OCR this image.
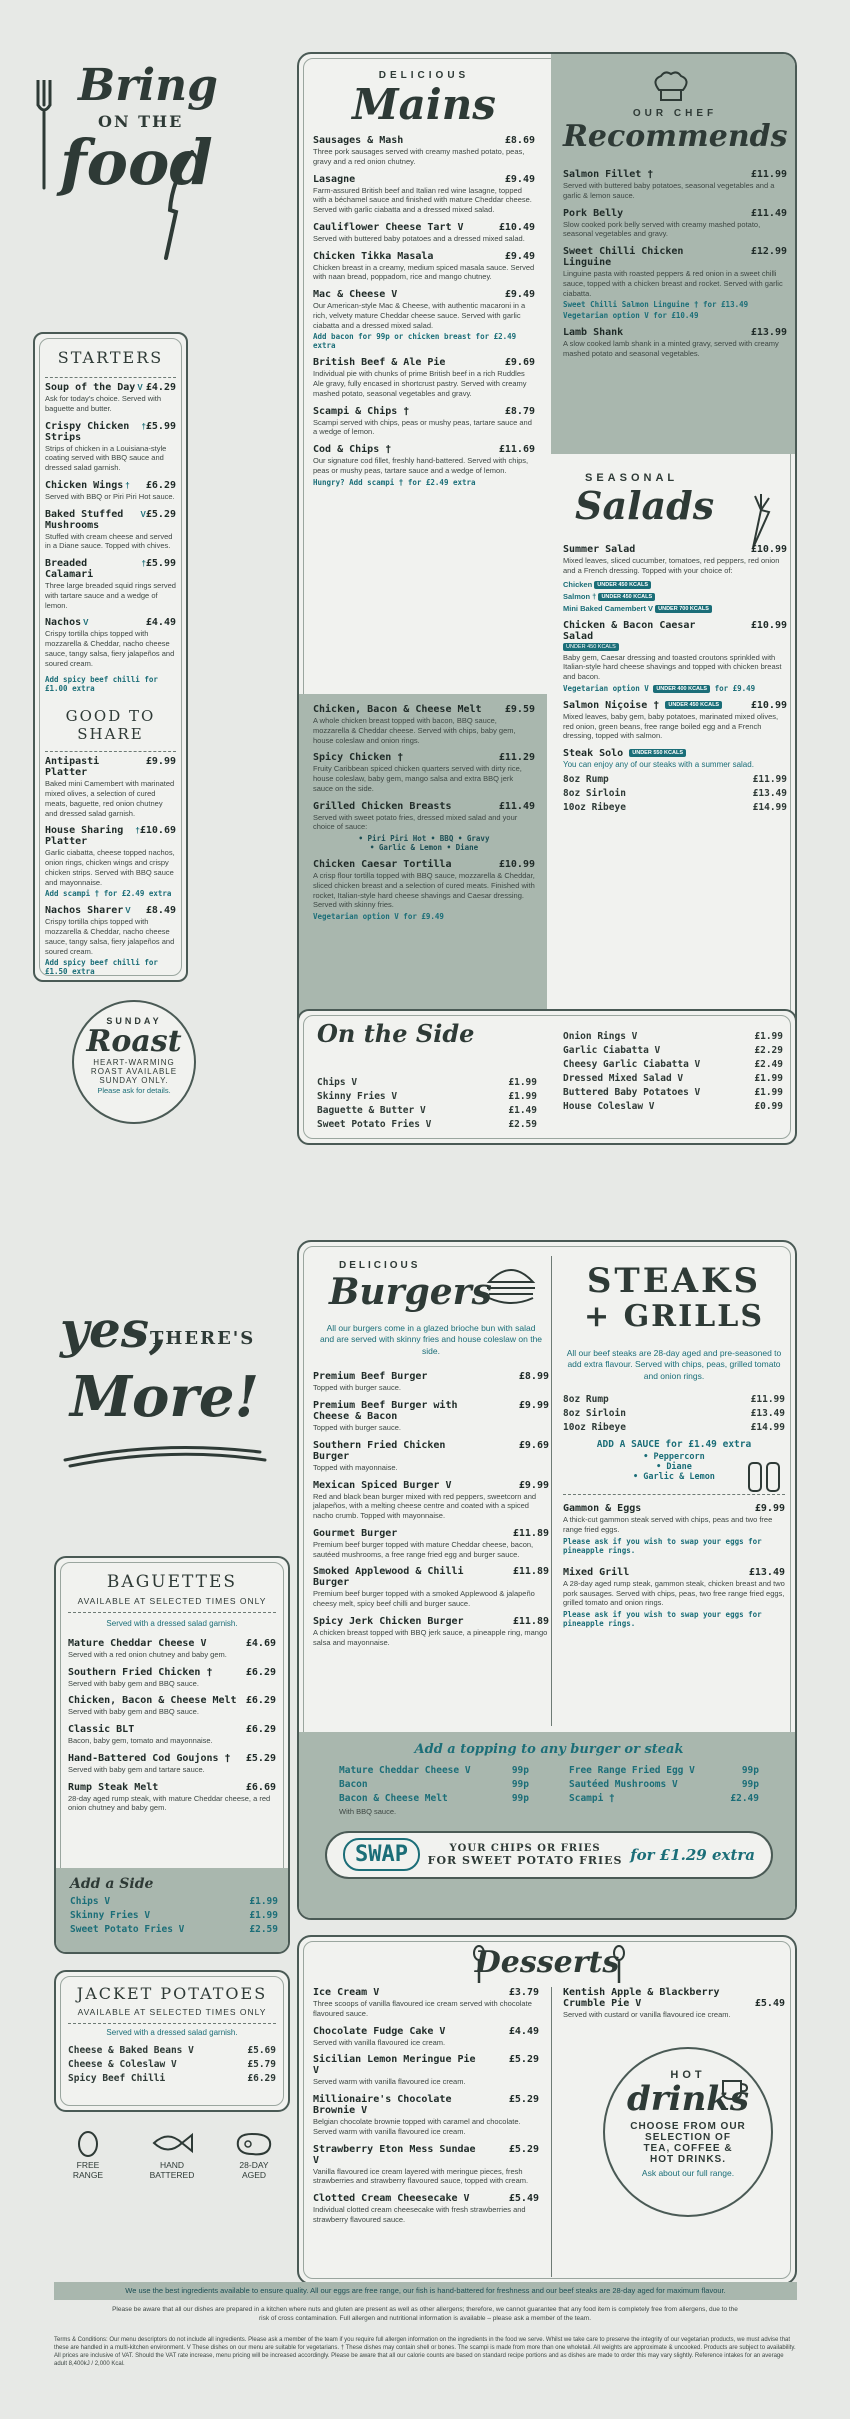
Bring
ON THE
food
STARTERS
Soup of the Day V £4.29
Ask for today's choice. Served with baguette and butter.
Crispy Chicken Strips
† £5.99
Strips of chicken in a Louisiana-style coating served with BBQ sauce and dressed salad garnish.
Chicken Wings †	£6.29
Served with BBQ or Piri Piri Hot sauce.
Baked Stuffed Mushrooms
V £5.29
Stuffed with cream cheese and served in a Diane sauce. Topped with chives.
Breaded Calamari
† £5.99
Three large breaded squid rings served with tartare sauce and a wedge of lemon.
Nachos V	£4.49
Crispy tortilla chips topped with mozzarella & Cheddar, nacho cheese sauce, tangy salsa, fiery jalapeños and soured cream.
Add spicy beef chilli for £1.00 extra
GOOD TO SHARE
Antipasti Platter
£9.99
Baked mini Camembert with marinated mixed olives, a selection of cured meats, baguette, red onion chutney and dressed salad garnish.
House Sharing Platter
† £10.69
Garlic ciabatta, cheese topped nachos, onion rings, chicken wings and crispy chicken strips. Served with BBQ sauce and mayonnaise.
Add scampi † for £2.49 extra
Nachos Sharer V	£8.49
Crispy tortilla chips topped with mozzarella & Cheddar, nacho cheese sauce, tangy salsa, fiery jalapeños and soured cream.
Add spicy beef chilli for £1.50 extra
SUNDAY
Roast
HEART-WARMING
ROAST AVAILABLE
SUNDAY ONLY.
Please ask for details.
DELICIOUS
Mains
Sausages & Mash	£8.69
Three pork sausages served with creamy mashed potato, peas, gravy and a red onion chutney.
Lasagne	£9.49
Farm-assured British beef and Italian red wine lasagne, topped with a béchamel sauce and finished with mature Cheddar cheese. Served with garlic ciabatta and a dressed mixed salad.
Cauliflower Cheese Tart V	£10.49
Served with buttered baby potatoes and a dressed mixed salad.
Chicken Tikka Masala	£9.49
Chicken breast in a creamy, medium spiced masala sauce. Served with naan bread, poppadom, rice and mango chutney.
Mac & Cheese V	£9.49
Our American-style Mac & Cheese, with authentic macaroni in a rich, velvety mature Cheddar cheese sauce. Served with garlic ciabatta and a dressed mixed salad.
Add bacon for 99p or chicken breast for £2.49 extra
British Beef & Ale Pie	£9.69
Individual pie with chunks of prime British beef in a rich Ruddles Ale gravy, fully encased in shortcrust pastry. Served with creamy mashed potato, seasonal vegetables and gravy.
Scampi & Chips †	£8.79
Scampi served with chips, peas or mushy peas, tartare sauce and a wedge of lemon.
Cod & Chips †	£11.69
Our signature cod fillet, freshly hand-battered. Served with chips, peas or mushy peas, tartare sauce and a wedge of lemon.
Hungry? Add scampi † for £2.49 extra
Chicken, Bacon & Cheese Melt £9.59
A whole chicken breast topped with bacon, BBQ sauce, mozzarella & Cheddar cheese. Served with chips, baby gem, house coleslaw and onion rings.
Spicy Chicken †	£11.29
Fruity Caribbean spiced chicken quarters served with dirty rice, house coleslaw, baby gem, mango salsa and extra BBQ jerk sauce on the side.
Grilled Chicken Breasts	£11.49
Served with sweet potato fries, dressed mixed salad and your choice of sauce:
• Piri Piri Hot • BBQ • Gravy
• Garlic & Lemon • Diane
Chicken Caesar Tortilla	£10.99
A crisp flour tortilla topped with BBQ sauce, mozzarella & Cheddar, sliced chicken breast and a selection of cured meats. Finished with rocket, Italian-style hard cheese shavings and Caesar dressing. Served with skinny fries.
Vegetarian option V for £9.49
OUR CHEF
Recommends
Salmon Fillet †	£11.99
Served with buttered baby potatoes, seasonal vegetables and a garlic & lemon sauce.
Pork Belly	£11.49
Slow cooked pork belly served with creamy mashed potato, seasonal vegetables and gravy.
Sweet Chilli Chicken Linguine
£12.99
Linguine pasta with roasted peppers & red onion in a sweet chilli sauce, topped with a chicken breast and rocket. Served with garlic ciabatta.
Sweet Chilli Salmon Linguine † for £13.49
Vegetarian option V for £10.49
Lamb Shank	£13.99
A slow cooked lamb shank in a minted gravy, served with creamy mashed potato and seasonal vegetables.
SEASONAL
Salads
Summer Salad	£10.99
Mixed leaves, sliced cucumber, tomatoes, red peppers, red onion and a French dressing. Topped with your choice of:
Chicken UNDER 450 KCALS
Salmon † UNDER 450 KCALS
Mini Baked Camembert V UNDER 700 KCALS
Chicken & Bacon Caesar Salad
£10.99
UNDER 450 KCALS
Baby gem, Caesar dressing and toasted croutons sprinkled with Italian-style hard cheese shavings and topped with chicken breast and bacon.
Vegetarian option V UNDER 400 KCALS for £9.49
Salmon Niçoise † UNDER 450 KCALS	£10.99
Mixed leaves, baby gem, baby potatoes, marinated mixed olives, red onion, green beans, free range boiled egg and a French dressing, topped with salmon.
Steak Solo UNDER 550 KCALS
You can enjoy any of our steaks with a summer salad.
8oz Rump	£11.99
8oz Sirloin	£13.49
10oz Ribeye	£14.99
On the Side
Chips V	£1.99
Skinny Fries V	£1.99
Baguette & Butter V	£1.49
Sweet Potato Fries V	£2.59
Onion Rings V	£1.99
Garlic Ciabatta V	£2.29
Cheesy Garlic Ciabatta V	£2.49
Dressed Mixed Salad V	£1.99
Buttered Baby Potatoes V	£1.99
House Coleslaw V	£0.99
yes,
THERE'S
More!
BAGUETTES
AVAILABLE AT SELECTED TIMES ONLY
Served with a dressed salad garnish.
Mature Cheddar Cheese V	£4.69
Served with a red onion chutney and baby gem.
Southern Fried Chicken †	£6.29
Served with baby gem and BBQ sauce.
Chicken, Bacon & Cheese Melt £6.29
Served with baby gem and BBQ sauce.
Classic BLT	£6.29
Bacon, baby gem, tomato and mayonnaise.
Hand-Battered Cod Goujons † £5.29
Served with baby gem and tartare sauce.
Rump Steak Melt	£6.69
28-day aged rump steak, with mature Cheddar cheese, a red onion chutney and baby gem.
Add a Side
Chips V	£1.99
Skinny Fries V	£1.99
Sweet Potato Fries V	£2.59
JACKET POTATOES
AVAILABLE AT SELECTED TIMES ONLY
Served with a dressed salad garnish.
Cheese & Baked Beans V	£5.69
Cheese & Coleslaw V	£5.79
Spicy Beef Chilli	£6.29
FREE RANGE
HAND BATTERED
28-DAY AGED
DELICIOUS
Burgers
All our burgers come in a glazed brioche bun with salad and are served with skinny fries and house coleslaw on the side.
Premium Beef Burger	£8.99
Topped with burger sauce.
Premium Beef Burger with Cheese & Bacon
£9.99
Topped with burger sauce.
Southern Fried Chicken Burger
£9.69
Topped with mayonnaise.
Mexican Spiced Burger V	£9.99
Red and black bean burger mixed with red peppers, sweetcorn and jalapeños, with a melting cheese centre and coated with a spiced nacho crumb. Topped with mayonnaise.
Gourmet Burger	£11.89
Premium beef burger topped with mature Cheddar cheese, bacon, sautéed mushrooms, a free range fried egg and burger sauce.
Smoked Applewood & Chilli Burger
£11.89
Premium beef burger topped with a smoked Applewood & jalapeño cheesy melt, spicy beef chilli and burger sauce.
Spicy Jerk Chicken Burger	£11.89
A chicken breast topped with BBQ jerk sauce, a pineapple ring, mango salsa and mayonnaise.
STEAKS
+ GRILLS
All our beef steaks are 28-day aged and pre-seasoned to add extra flavour. Served with chips, peas, grilled tomato and onion rings.
8oz Rump	£11.99
8oz Sirloin	£13.49
10oz Ribeye	£14.99
ADD A SAUCE for £1.49 extra
• Peppercorn
• Diane
• Garlic & Lemon
Gammon & Eggs	£9.99
A thick-cut gammon steak served with chips, peas and two free range fried eggs.
Please ask if you wish to swap your eggs for pineapple rings.
Mixed Grill	£13.49
A 28-day aged rump steak, gammon steak, chicken breast and two pork sausages. Served with chips, peas, two free range fried eggs, grilled tomato and onion rings.
Please ask if you wish to swap your eggs for pineapple rings.
Add a topping to any burger or steak
Mature Cheddar Cheese V	99p
Bacon	99p
Bacon & Cheese Melt	99p
With BBQ sauce.
Free Range Fried Egg V	99p
Sautéed Mushrooms V	99p
Scampi †	£2.49
SWAP	YOUR CHIPS OR FRIES
FOR SWEET POTATO FRIES for £1.29 extra
Desserts
Ice Cream V	£3.79
Three scoops of vanilla flavoured ice cream served with chocolate flavoured sauce.
Chocolate Fudge Cake V	£4.49
Served with vanilla flavoured ice cream.
Sicilian Lemon Meringue Pie V
£5.29
Served warm with vanilla flavoured ice cream.
Millionaire's Chocolate Brownie V
£5.29
Belgian chocolate brownie topped with caramel and chocolate. Served warm with vanilla flavoured ice cream.
Strawberry Eton Mess Sundae V
£5.29
Vanilla flavoured ice cream layered with meringue pieces, fresh strawberries and strawberry flavoured sauce, topped with cream.
Clotted Cream Cheesecake V	£5.49
Individual clotted cream cheesecake with fresh strawberries and strawberry flavoured sauce.
Kentish Apple & Blackberry Crumble Pie V	£5.49
Served with custard or vanilla flavoured ice cream.
HOT
drinks
CHOOSE FROM OUR
SELECTION OF
TEA, COFFEE &
HOT DRINKS.
Ask about our full range.
We use the best ingredients available to ensure quality. All our eggs are free range, our fish is hand-battered for freshness and our beef steaks are 28-day aged for maximum flavour.
Please be aware that all our dishes are prepared in a kitchen where nuts and gluten are present as well as other allergens; therefore, we cannot guarantee that any food item is completely free from allergens, due to the risk of cross contamination. Full allergen and nutritional information is available – please ask a member of the team.
Terms & Conditions: Our menu descriptors do not include all ingredients. Please ask a member of the team if you require full allergen information on the ingredients in the food we serve. Whilst we take care to preserve the integrity of our vegetarian products, we must advise that these are handled in a multi-kitchen environment. V These dishes on our menu are suitable for vegetarians. † These dishes may contain shell or bones. The scampi is made from more than one wholetail. All weights are approximate & uncooked. Products are subject to availability. All prices are inclusive of VAT. Should the VAT rate increase, menu pricing will be increased accordingly. Please be aware that all our calorie counts are based on standard recipe portions and as dishes are made to order this may vary slightly. Reference intakes for an average adult 8,400kJ / 2,000 Kcal.
